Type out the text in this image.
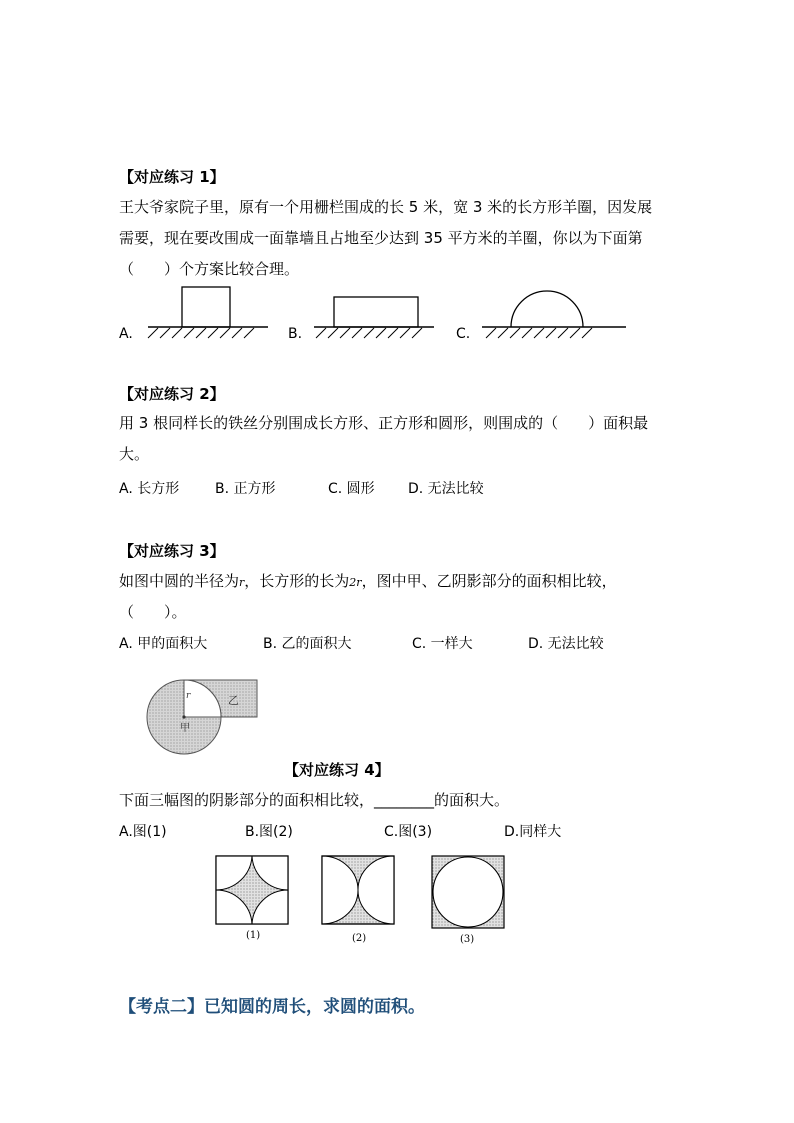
【对应练习 1】
王大爷家院子里，原有一个用栅栏围成的长 5 米，宽 3 米的长方形羊圈，因发展
需要，现在要改围成一面靠墙且占地至少达到 35 平方米的羊圈，你以为下面第
（　　）个方案比较合理。
A.	B.	C.
【对应练习 2】
用 3 根同样长的铁丝分别围成长方形、正方形和圆形，则围成的（　　）面积最
大。
A. 长方形	B. 正方形	C. 圆形 D. 无法比较
【对应练习 3】
如图中圆的半径为r，长方形的长为2r，图中甲、乙阴影部分的面积相比较，
（　　）。
A. 甲的面积大	B. 乙的面积大	C. 一样大	D. 无法比较
r	乙
甲
【对应练习 4】
下面三幅图的阴影部分的面积相比较，________的面积大。
A.图(1)	B.图(2)	C.图(3)	D.同样大
(1)	(2)	(3)
【考点二】已知圆的周长，求圆的面积。
